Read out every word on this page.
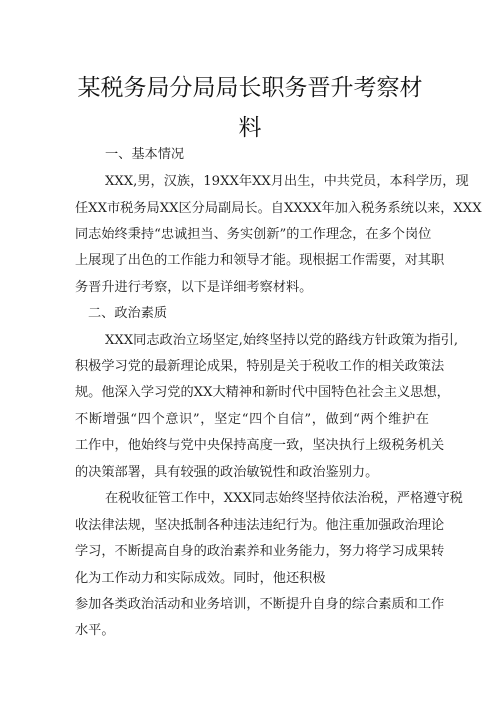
某税务局分局局长职务晋升考察材
料
一、基本情况
XXX,男，汉族，19XX年XX月出生，中共党员，本科学历，现
任XX市税务局XX区分局副局长。自XXXX年加入税务系统以来，XXX
同志始终秉持“忠诚担当、务实创新”的工作理念，在多个岗位
上展现了出色的工作能力和领导才能。现根据工作需要，对其职
务晋升进行考察，以下是详细考察材料。
二、政治素质
XXX同志政治立场坚定,始终坚持以党的路线方针政策为指引,
积极学习党的最新理论成果，特别是关于税收工作的相关政策法
规。他深入学习党的XX大精神和新时代中国特色社会主义思想，
不断增强“四个意识”，坚定“四个自信”，做到“两个维护在
工作中，他始终与党中央保持高度一致，坚决执行上级税务机关
的决策部署，具有较强的政治敏锐性和政治鉴别力。
在税收征管工作中，XXX同志始终坚持依法治税，严格遵守税
收法律法规，坚决抵制各种违法违纪行为。他注重加强政治理论
学习，不断提高自身的政治素养和业务能力，努力将学习成果转
化为工作动力和实际成效。同时，他还积极
参加各类政治活动和业务培训，不断提升自身的综合素质和工作
水平。
